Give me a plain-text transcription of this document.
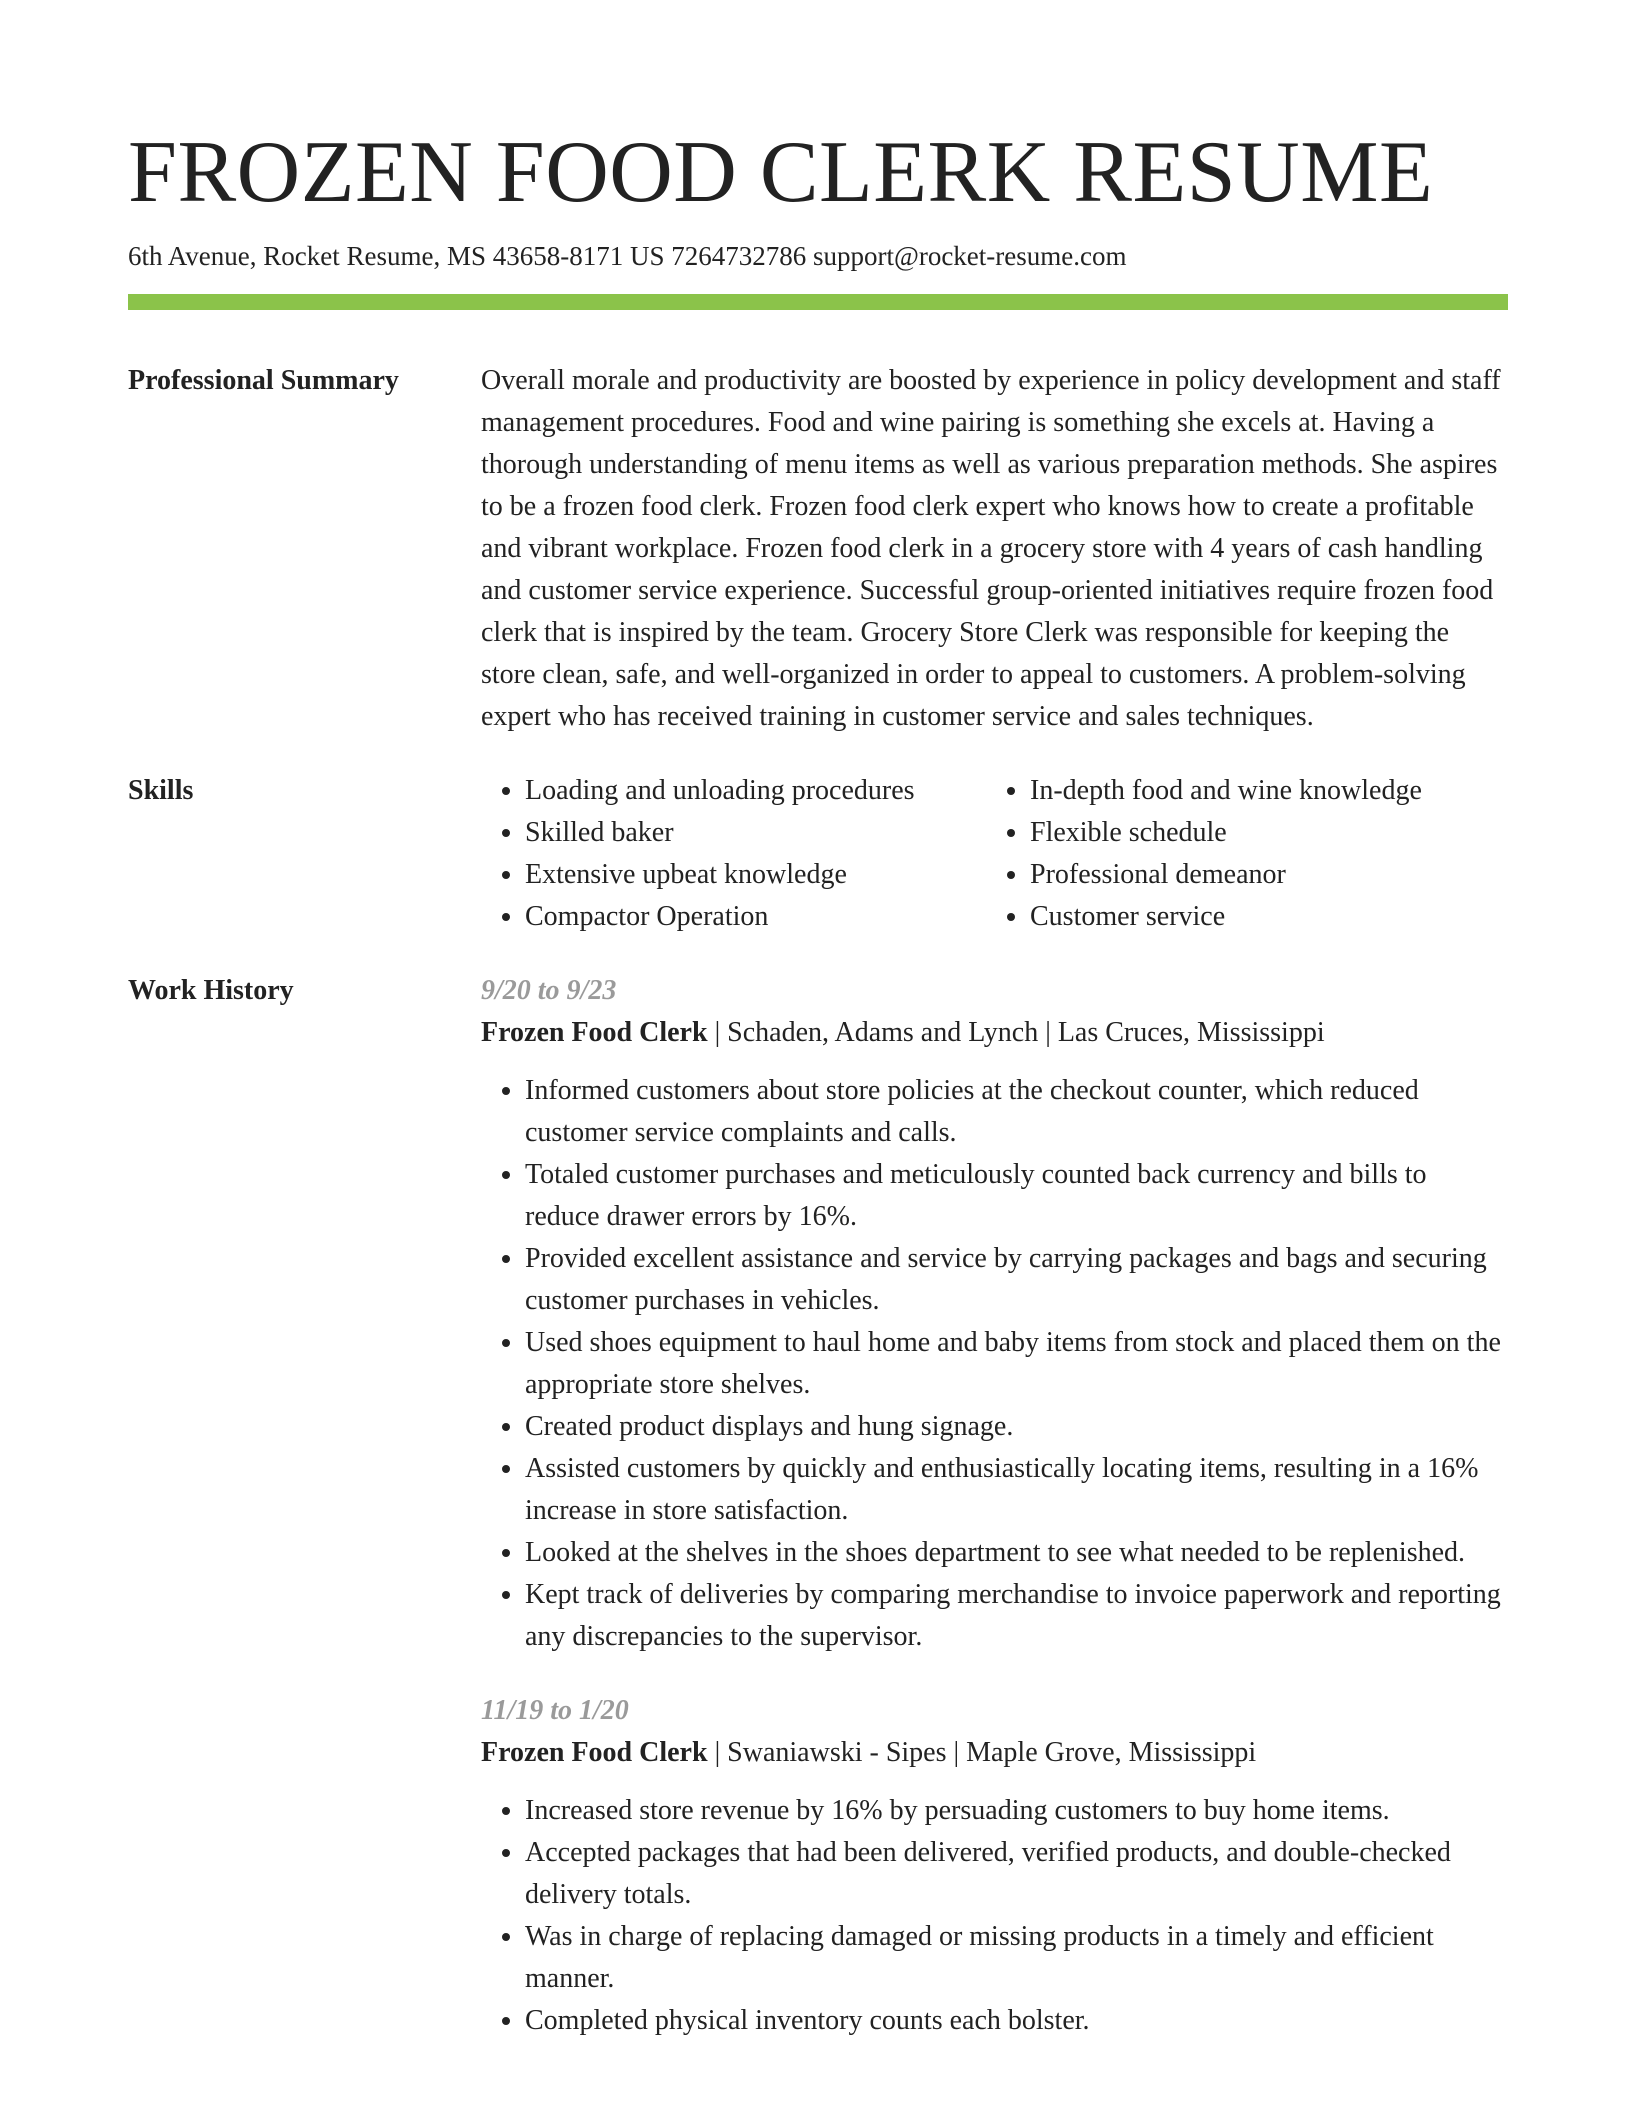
FROZEN FOOD CLERK RESUME
6th Avenue, Rocket Resume, MS 43658-8171 US 7264732786 support@rocket-resume.com
Professional Summary	Overall morale and productivity are boosted by experience in policy development and staff management procedures. Food and wine pairing is something she excels at. Having a thorough understanding of menu items as well as various preparation methods. She aspires to be a frozen food clerk. Frozen food clerk expert who knows how to create a profitable and vibrant workplace. Frozen food clerk in a grocery store with 4 years of cash handling and customer service experience. Successful group-oriented initiatives require frozen food clerk that is inspired by the team. Grocery Store Clerk was responsible for keeping the store clean, safe, and well-organized in order to appeal to customers. A problem-solving expert who has received training in customer service and sales techniques.
Skills
•	Loading and unloading procedures
• Skilled baker
• Extensive upbeat knowledge
• Compactor Operation
• In-depth food and wine knowledge
• Flexible schedule
• Professional demeanor
• Customer service
Work History	9/20 to 9/23
Frozen Food Clerk | Schaden, Adams and Lynch | Las Cruces, Mississippi
• Informed customers about store policies at the checkout counter, which reduced customer service complaints and calls.
• Totaled customer purchases and meticulously counted back currency and bills to reduce drawer errors by 16%.
• Provided excellent assistance and service by carrying packages and bags and securing customer purchases in vehicles.
• Used shoes equipment to haul home and baby items from stock and placed them on the appropriate store shelves.
• Created product displays and hung signage.
• Assisted customers by quickly and enthusiastically locating items, resulting in a 16% increase in store satisfaction.
• Looked at the shelves in the shoes department to see what needed to be replenished.
• Kept track of deliveries by comparing merchandise to invoice paperwork and reporting any discrepancies to the supervisor.
11/19 to 1/20
Frozen Food Clerk | Swaniawski - Sipes | Maple Grove, Mississippi
• Increased store revenue by 16% by persuading customers to buy home items.
• Accepted packages that had been delivered, verified products, and double-checked delivery totals.
• Was in charge of replacing damaged or missing products in a timely and efficient manner.
• Completed physical inventory counts each bolster.
